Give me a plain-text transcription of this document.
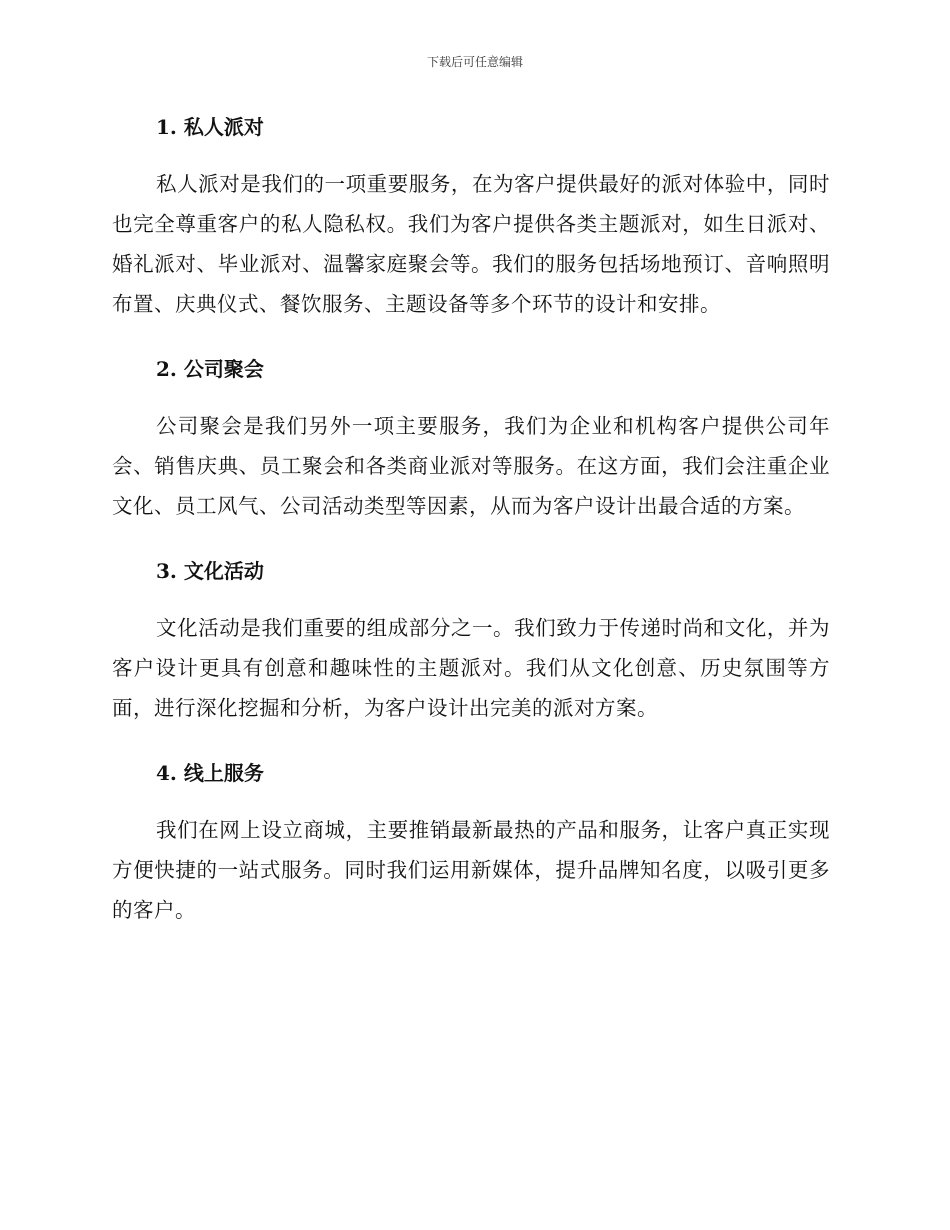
下载后可任意编辑
1. 私人派对

私人派对是我们的一项重要服务，在为客户提供最好的派对体验中，同时也完全尊重客户的私人隐私权。我们为客户提供各类主题派对，如生日派对、婚礼派对、毕业派对、温馨家庭聚会等。我们的服务包括场地预订、音响照明布置、庆典仪式、餐饮服务、主题设备等多个环节的设计和安排。

2. 公司聚会

公司聚会是我们另外一项主要服务，我们为企业和机构客户提供公司年会、销售庆典、员工聚会和各类商业派对等服务。在这方面，我们会注重企业文化、员工风气、公司活动类型等因素，从而为客户设计出最合适的方案。

3. 文化活动

文化活动是我们重要的组成部分之一。我们致力于传递时尚和文化，并为客户设计更具有创意和趣味性的主题派对。我们从文化创意、历史氛围等方面，进行深化挖掘和分析，为客户设计出完美的派对方案。

4. 线上服务

我们在网上设立商城，主要推销最新最热的产品和服务，让客户真正实现方便快捷的一站式服务。同时我们运用新媒体，提升品牌知名度，以吸引更多的客户。
